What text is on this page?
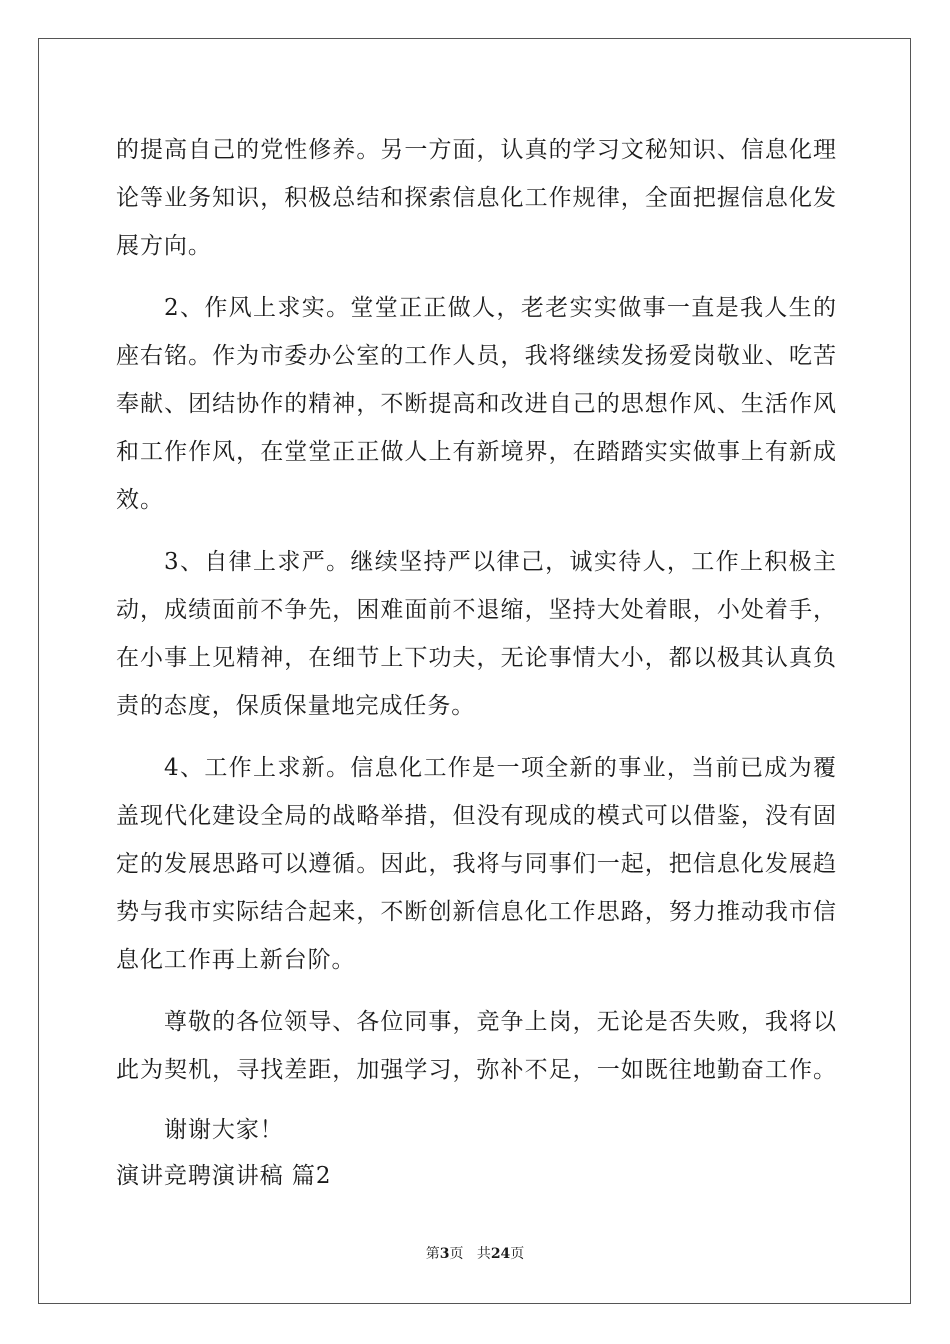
的提高自己的党性修养。另一方面，认真的学习文秘知识、信息化理
论等业务知识，积极总结和探索信息化工作规律，全面把握信息化发
展方向。
2、作风上求实。堂堂正正做人，老老实实做事一直是我人生的
座右铭。作为市委办公室的工作人员，我将继续发扬爱岗敬业、吃苦
奉献、团结协作的精神，不断提高和改进自己的思想作风、生活作风
和工作作风，在堂堂正正做人上有新境界，在踏踏实实做事上有新成
效。
3、自律上求严。继续坚持严以律己，诚实待人，工作上积极主
动，成绩面前不争先，困难面前不退缩，坚持大处着眼，小处着手，
在小事上见精神，在细节上下功夫，无论事情大小，都以极其认真负
责的态度，保质保量地完成任务。
4、工作上求新。信息化工作是一项全新的事业，当前已成为覆
盖现代化建设全局的战略举措，但没有现成的模式可以借鉴，没有固
定的发展思路可以遵循。因此，我将与同事们一起，把信息化发展趋
势与我市实际结合起来，不断创新信息化工作思路，努力推动我市信
息化工作再上新台阶。
尊敬的各位领导、各位同事，竞争上岗，无论是否失败，我将以
此为契机，寻找差距，加强学习，弥补不足，一如既往地勤奋工作。
谢谢大家！
演讲竞聘演讲稿 篇2
第3页 共24页
